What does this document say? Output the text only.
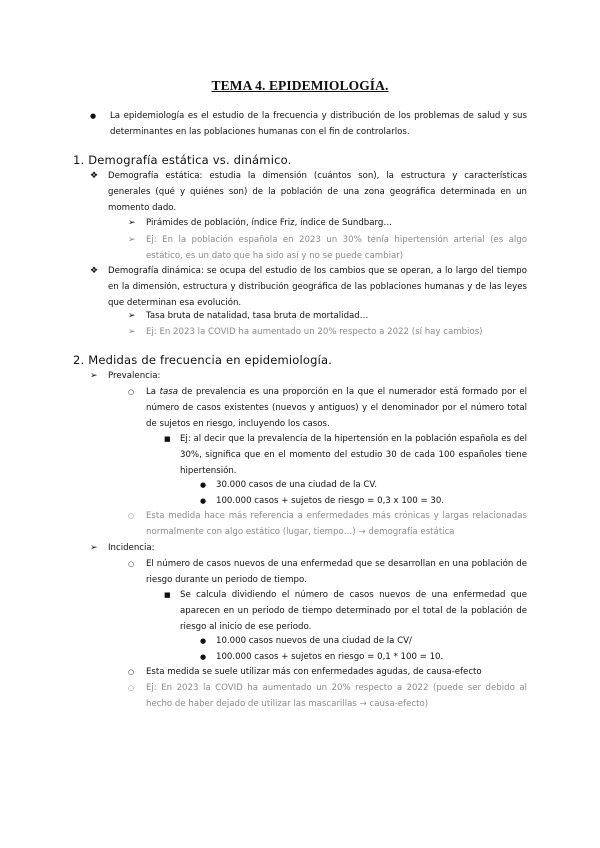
TEMA 4. EPIDEMIOLOGÍA.
● La epidemiología es el estudio de la frecuencia y distribución de los problemas de salud y sus determinantes en las poblaciones humanas con el fin de controlarlos.
1. Demografía estática vs. dinámico.
❖ Demografía estática: estudia la dimensión (cuántos son), la estructura y características generales (qué y quiénes son) de la población de una zona geográfica determinada en un momento dado.
➢ Pirámides de población, índice Friz, índice de Sundbarg…
➢ Ej: En la población española en 2023 un 30% tenía hipertensión arterial (es algo estático, es un dato que ha sido así y no se puede cambiar)
❖ Demografía dinámica: se ocupa del estudio de los cambios que se operan, a lo largo del tiempo en la dimensión, estructura y distribución geográfica de las poblaciones humanas y de las leyes que determinan esa evolución.
➢ Tasa bruta de natalidad, tasa bruta de mortalidad…
➢ Ej: En 2023 la COVID ha aumentado un 20% respecto a 2022 (sí hay cambios)
2. Medidas de frecuencia en epidemiología.
➢ Prevalencia:
○ La tasa de prevalencia es una proporción en la que el numerador está formado por el número de casos existentes (nuevos y antiguos) y el denominador por el número total de sujetos en riesgo, incluyendo los casos.
■ Ej: al decir que la prevalencia de la hipertensión en la población española es del 30%, significa que en el momento del estudio 30 de cada 100 españoles tiene hipertensión.
● 30.000 casos de una ciudad de la CV.
● 100.000 casos + sujetos de riesgo = 0,3 x 100 = 30.
○ Esta medida hace más referencia a enfermedades más crónicas y largas relacionadas normalmente con algo estático (lugar, tiempo…) → demografía estática
➢ Incidencia:
○ El número de casos nuevos de una enfermedad que se desarrollan en una población de riesgo durante un periodo de tiempo.
■ Se calcula dividiendo el número de casos nuevos de una enfermedad que aparecen en un periodo de tiempo determinado por el total de la población de riesgo al inicio de ese periodo.
● 10.000 casos nuevos de una ciudad de la CV/
● 100.000 casos + sujetos en riesgo = 0,1 * 100 = 10.
○ Esta medida se suele utilizar más con enfermedades agudas, de causa-efecto
○ Ej: En 2023 la COVID ha aumentado un 20% respecto a 2022 (puede ser debido al hecho de haber dejado de utilizar las mascarillas → causa-efecto)
